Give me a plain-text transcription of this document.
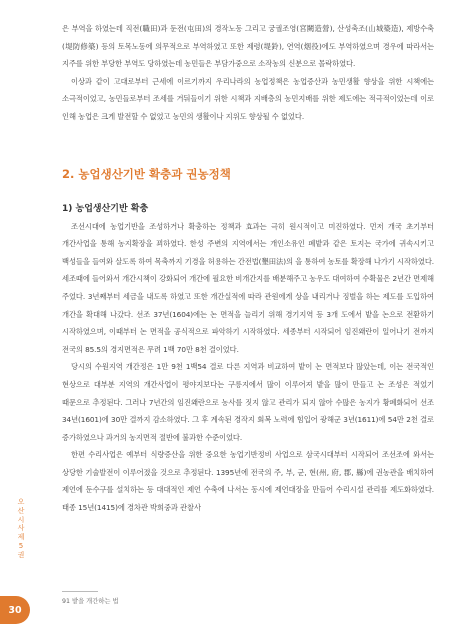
은 부역을 하였는데 직전(職田)과 둔전(屯田)의 경작노동 그리고 궁궐조영(宮闕造營), 산성축조(山城築造), 제방수축(堤防修築) 등의 토목노동에 의무적으로 부역하였고 또한 제령(堤鈴), 연역(烟役)에도 부역하였으며 경우에 따라서는 지주를 위한 부당한 부역도 당하였는데 농민들은 부담가중으로 소작농의 신분으로 몰락하였다.

이상과 같이 고대로부터 근세에 이르기까지 우리나라의 농업정책은 농업증산과 농민생활 향상을 위한 시책에는 소극적이었고, 농민들로부터 조세를 거둬들이기 위한 시책과 지배층의 농민지배를 위한 제도에는 적극적이었는데 이로 인해 농업은 크게 발전할 수 없었고 농민의 생활이나 지위도 향상될 수 없었다.

2. 농업생산기반 확충과 권농정책
1) 농업생산기반 확충

조선시대에 농업기반을 조성하거나 확충하는 정책과 효과는 극히 원시적이고 미진하였다. 먼저 개국 초기부터 개간사업을 통해 농지확장을 꾀하였다. 한성 주변의 지역에서는 개인소유인 폐밭과 같은 토지는 국가에 귀속시키고 백성들을 들여와 살도록 하여 목축까지 기경을 허용하는 간전법(墾田法)의 을 통하여 농토를 확장해 나가기 시작하였다. 세조때에 들어와서 개간시책이 강화되어 개간에 필요한 비개간지를 배분해주고 농우도 대여하여 수확물은 2년간 면제해 주었다. 3년째부터 세금을 내도록 하였고 또한 개간실적에 따라 관원에게 상을 내리거나 징벌을 하는 제도를 도입하여 개간을 확대해 나갔다. 선조 37년(1604)에는 논 면적을 늘리기 위해 경기지역 등 3개 도에서 밭을 논으로 전환하기 시작하였으며, 이때부터 논 면적을 공식적으로 파악하기 시작하였다. 세종부터 시작되어 임진왜란이 일어나기 전까지 전국의 85.5의 경지면적은 무려 1백 70만 8천 결이었다.

당시의 수원지역 개간정은 1만 9천 1백54 결로 다른 지역과 비교하여 밭이 논 면적보다 많았는데, 이는 전국적인 현상으로 대부분 지역의 개간사업이 평야지보다는 구릉지에서 많이 이루어져 밭을 많이 만들고 논 조성은 적었기 때문으로 추정된다. 그러나 7년간의 임진왜란으로 농사를 짓지 않고 관리가 되지 않아 수많은 농지가 황폐화되어 선조 34년(1601)에 30만 결까지 감소하였다. 그 후 계속된 경작지 회복 노력에 힘입어 광해군 3년(1611)에 54만 2천 결로 증가하였으나 과거의 농지면적 절반에 불과한 수준이었다.

한편 수리사업은 예부터 식량증산을 위한 중요한 농업기반정비 사업으로 삼국시대부터 시작되어 조선조에 와서는 상당한 기술발전이 이루어졌을 것으로 추정된다. 1395년에 전국의 주, 부, 군, 현(州, 府, 郡, 縣)에 권농관을 배치하여 제언에 둔수구를 설치하는 등 대대적인 제언 수축에 나서는 동시에 제언대장을 만들어 수리시설 관리를 제도화하였다. 태종 15년(1415)에 경차관 박희중과 관찰사

91 밭을 개간하는 법
오산시사 제5권
30
